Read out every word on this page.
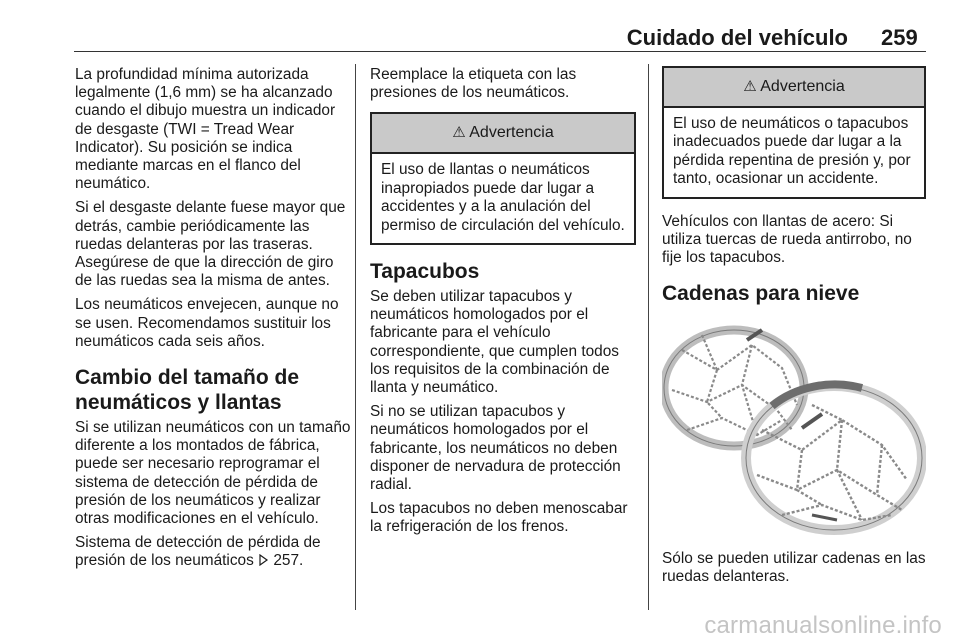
Cuidado del vehículo 259

La profundidad mínima autorizada legalmente (1,6 mm) se ha alcanzado cuando el dibujo muestra un indicador de desgaste (TWI = Tread Wear Indicator). Su posición se indica mediante marcas en el flanco del neumático.

Si el desgaste delante fuese mayor que detrás, cambie periódicamente las ruedas delanteras por las traseras. Asegúrese de que la dirección de giro de las ruedas sea la misma de antes.

Los neumáticos envejecen, aunque no se usen. Recomendamos sustituir los neumáticos cada seis años.

Cambio del tamaño de neumáticos y llantas

Si se utilizan neumáticos con un tamaño diferente a los montados de fábrica, puede ser necesario reprogramar el sistema de detección de pérdida de presión de los neumáticos y realizar otras modificaciones en el vehículo.

Sistema de detección de pérdida de presión de los neumáticos 257.

Reemplace la etiqueta con las presiones de los neumáticos.

⚠ Advertencia
El uso de llantas o neumáticos inapropiados puede dar lugar a accidentes y a la anulación del permiso de circulación del vehículo.
Tapacubos

Se deben utilizar tapacubos y neumáticos homologados por el fabricante para el vehículo correspondiente, que cumplen todos los requisitos de la combinación de llanta y neumático.

Si no se utilizan tapacubos y neumáticos homologados por el fabricante, los neumáticos no deben disponer de nervadura de protección radial.

Los tapacubos no deben menoscabar la refrigeración de los frenos.

⚠ Advertencia
El uso de neumáticos o tapacubos inadecuados puede dar lugar a la pérdida repentina de presión y, por tanto, ocasionar un accidente.

Vehículos con llantas de acero: Si utiliza tuercas de rueda antirrobo, no fije los tapacubos.

Cadenas para nieve

Sólo se pueden utilizar cadenas en las ruedas delanteras.

carmanualsonline.info
